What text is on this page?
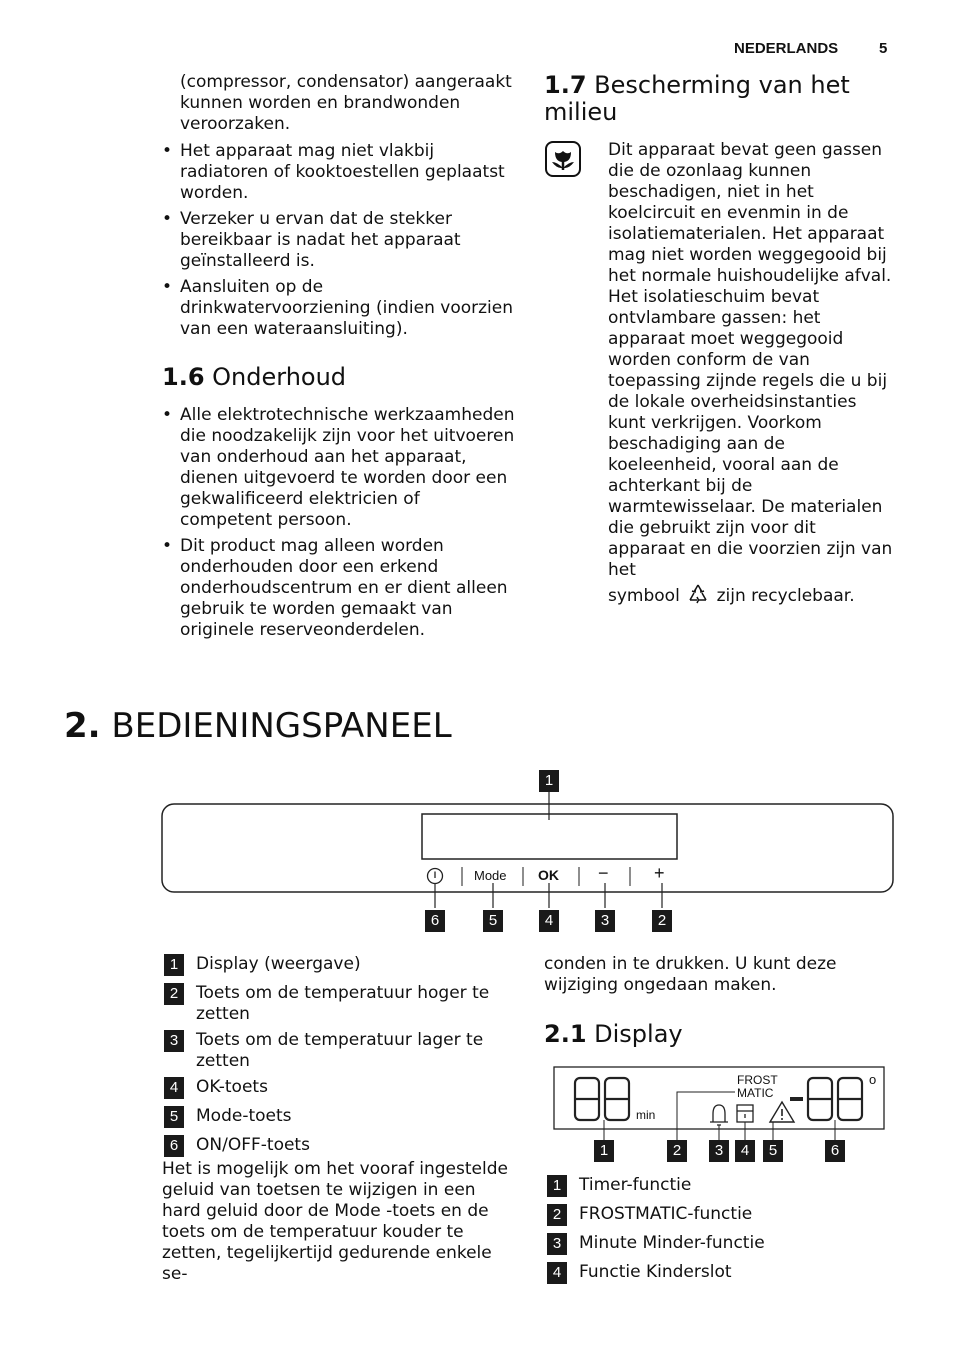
NEDERLANDS	5

(compressor, condensator) aangeraakt kunnen worden en brandwonden veroorzaken.

• Het apparaat mag niet vlakbij radiatoren of kooktoestellen geplaatst worden.
• Verzeker u ervan dat de stekker bereikbaar is nadat het apparaat geïnstalleerd is.
• Aansluiten op de drinkwatervoorziening (indien voorzien van een wateraansluiting).
1.6 Onderhoud
• Alle elektrotechnische werkzaamheden die noodzakelijk zijn voor het uitvoeren van onderhoud aan het apparaat, dienen uitgevoerd te worden door een gekwalificeerd elektricien of competent persoon.
• Dit product mag alleen worden onderhouden door een erkend onderhoudscentrum en er dient alleen gebruik te worden gemaakt van originele reserveonderdelen.
1.7 Bescherming van het milieu
Dit apparaat bevat geen gassen die de ozonlaag kunnen beschadigen, niet in het koelcircuit en evenmin in de isolatiematerialen. Het apparaat mag niet worden weggegooid bij het normale huishoudelijke afval. Het isolatieschuim bevat ontvlambare gassen: het apparaat moet weggegooid worden conform de van toepassing zijnde regels die u bij de lokale overheidsinstanties kunt verkrijgen. Voorkom beschadiging aan de koeleenheid, vooral aan de achterkant bij de warmtewisselaar. De materialen die gebruikt zijn voor dit apparaat en die voorzien zijn van het
symbool zijn recyclebaar.
2. BEDIENINGSPANEEL
1
Mode OK −	+
6	5	4	3	2
1	Display (weergave)
2	Toets om de temperatuur hoger te zetten
3	Toets om de temperatuur lager te zetten
4	OK-toets
5	Mode-toets
6	ON/OFF-toets
Het is mogelijk om het vooraf ingestelde geluid van toetsen te wijzigen in een hard geluid door de Mode -toets en de toets om de temperatuur kouder te zetten, tegelijkertijd gedurende enkele se-
conden in te drukken. U kunt deze wijziging ongedaan maken.
2.1 Display
min
FROST
MATIC
o
1	2	3	4	5	6
1	Timer-functie
2	FROSTMATIC-functie
3	Minute Minder-functie
4	Functie Kinderslot
